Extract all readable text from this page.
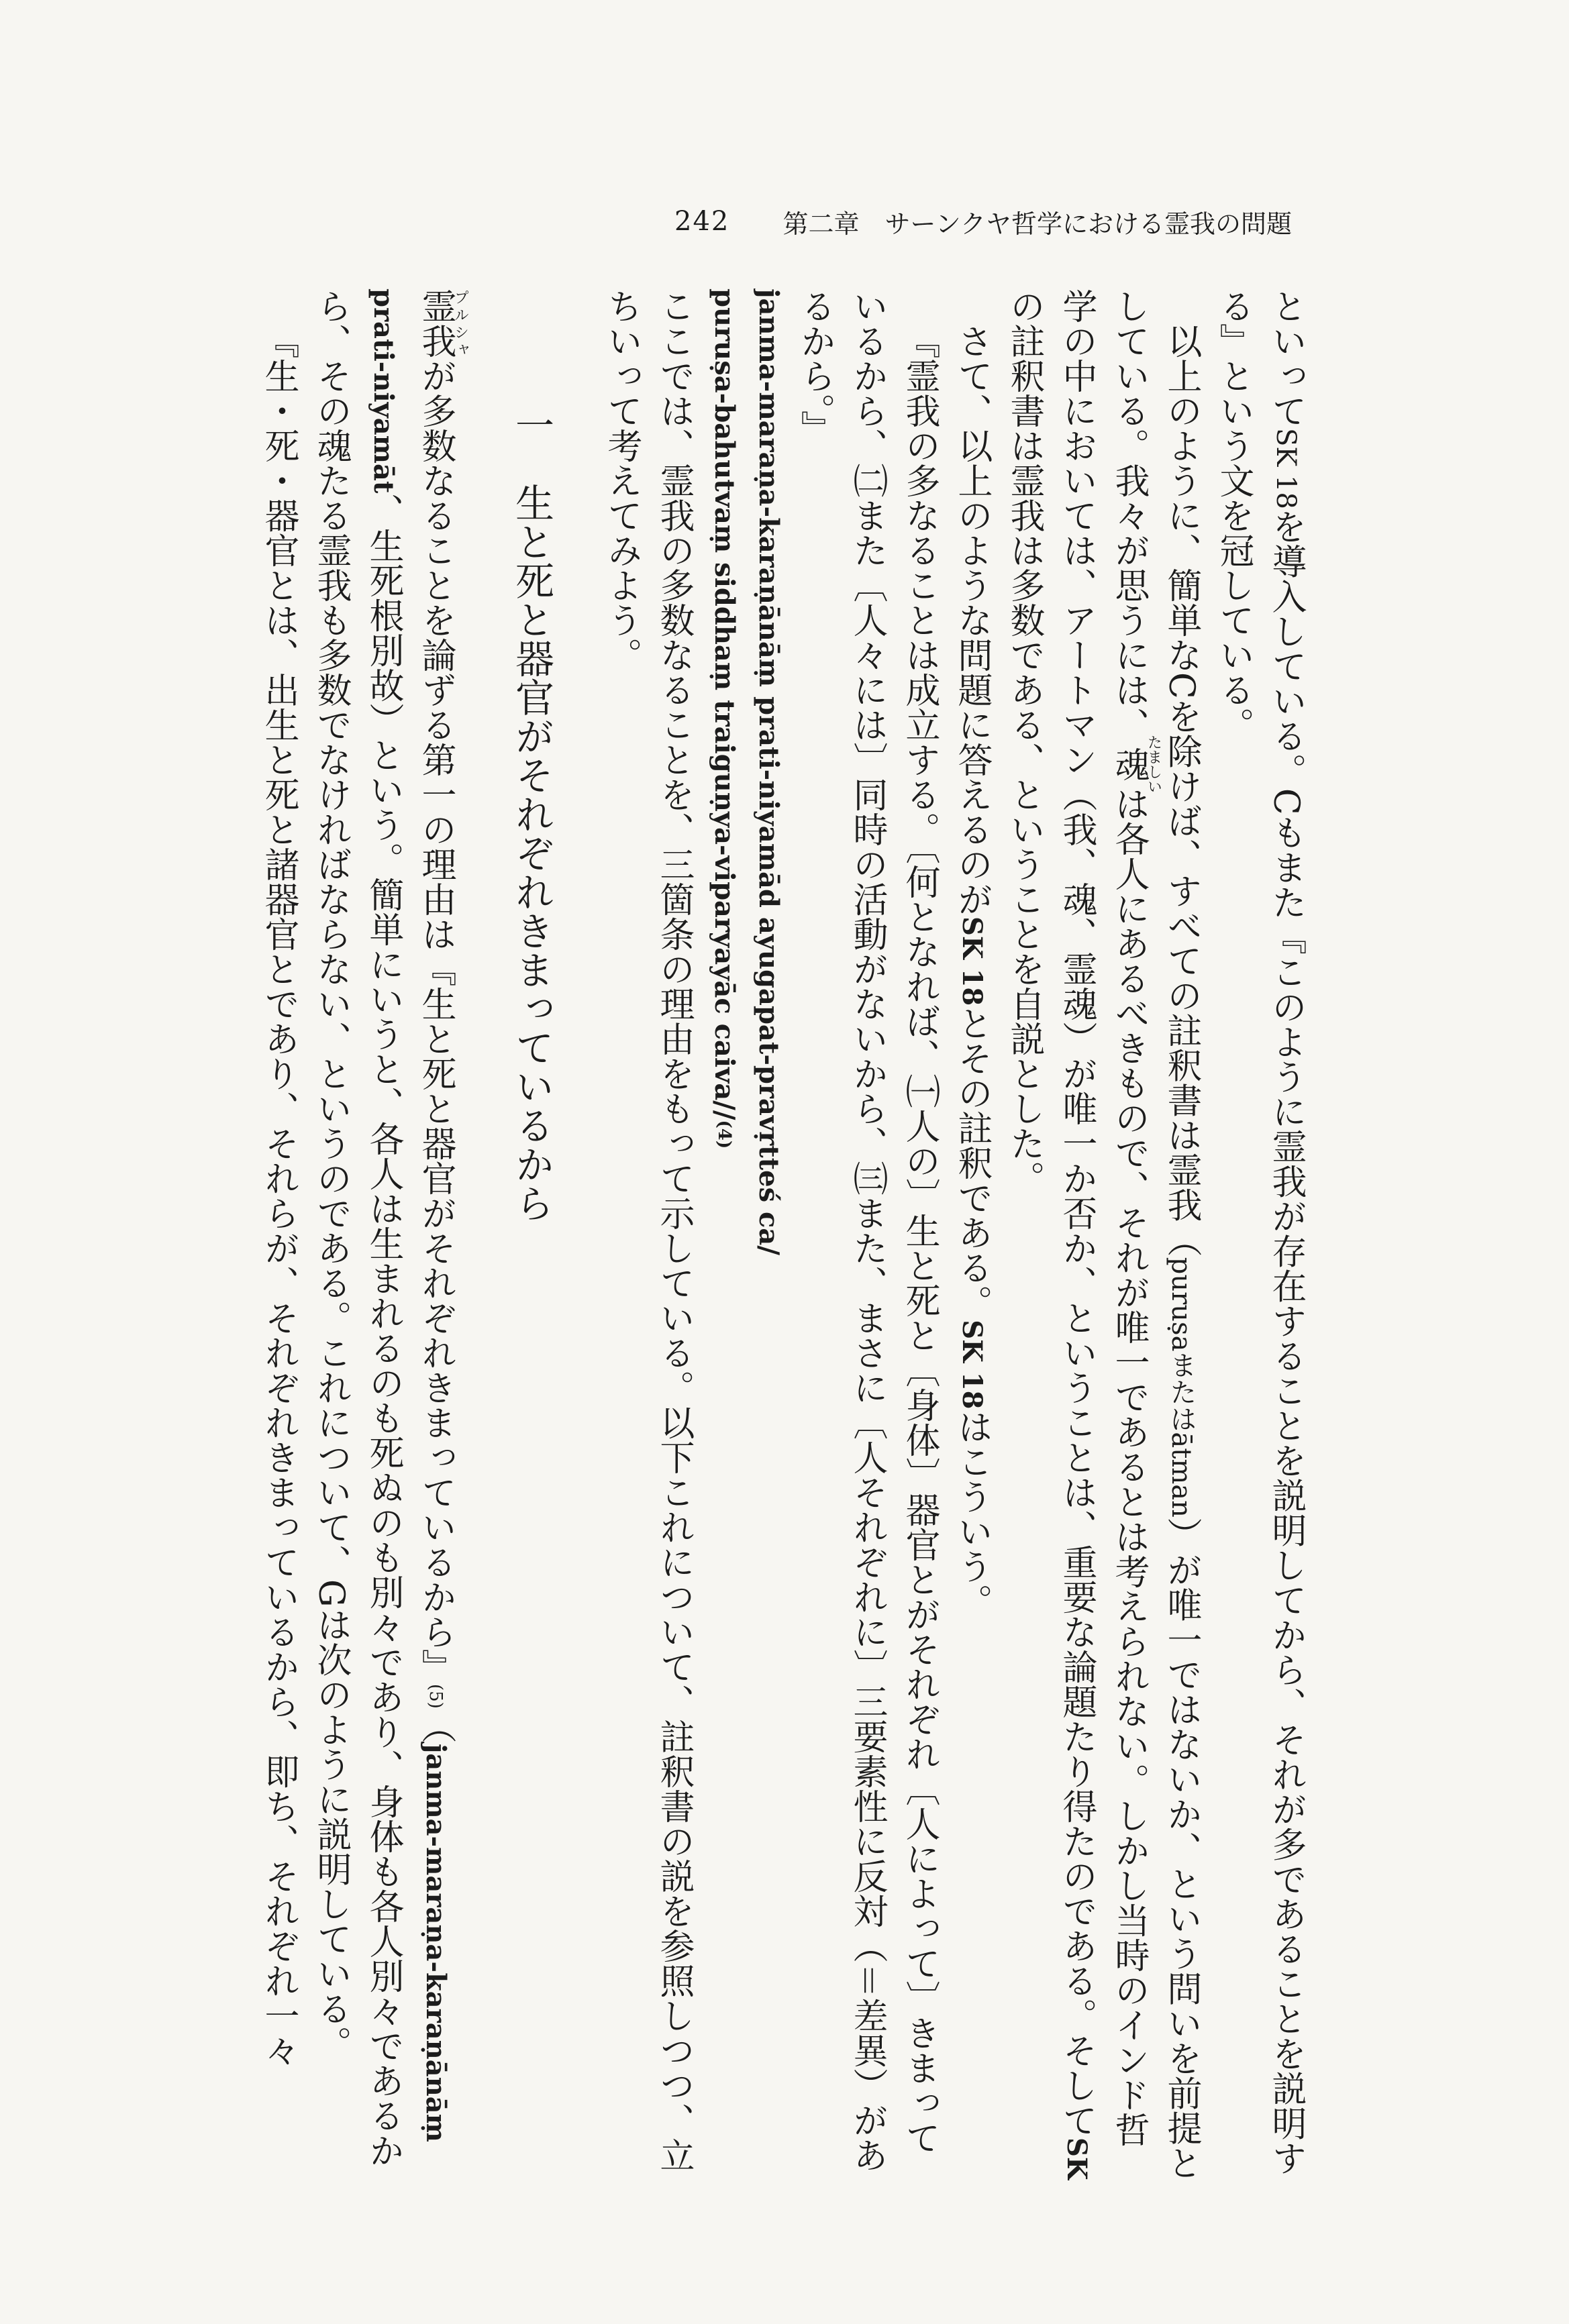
242 第二章　サーンクヤ哲学における霊我の問題

といってSK 18を導入している。Cもまた『このように霊我が存在することを説明してから、それが多であることを説明する』という文を冠している。

以上のように、簡単なCを除けば、すべての註釈書は霊我（puruṣaまたはātman）が唯一ではないか、という問いを前提としている。我々が思うには、魂たましいは各人にあるべきもので、それが唯一であるとは考えられない。しかし当時のインド哲学の中においては、アートマン（我、魂、霊魂）が唯一か否か、ということは、重要な論題たり得たのである。そしてSKの註釈書は霊我は多数である、ということを自説とした。

さて、以上のような問題に答えるのがSK 18とその註釈である。SK 18はこういう。

『霊我の多なることは成立する。〔何となれば、㈠人の〕生と死と〔身体〕器官とがそれぞれ〔人によって〕きまっているから、㈡また〔人々には〕同時の活動がないから、㈢また、まさに〔人それぞれに〕三要素性に反対（＝差異）があるから。』

janma-maraṇa-karaṇānāṃ prati-niyamād ayugapat-pravṛtteś ca/

puruṣa-bahutvaṃ siddhaṃ traiguṇya-viparyayāc caiva//(4)

ここでは、霊我の多数なることを、三箇条の理由をもって示している。以下これについて、註釈書の説を参照しつつ、立ちいって考えてみよう。

一　生と死と器官がそれぞれきまっているから

霊我プルシャが多数なることを論ずる第一の理由は『生と死と器官がそれぞれきまっているから』(5)（janma-maraṇa-karaṇānāṃ prati-niyamāt、生死根別故）という。簡単にいうと、各人は生まれるのも死ぬのも別々であり、身体も各人別々であるから、その魂たる霊我も多数でなければならない、というのである。これについて、Gは次のように説明している。

『生・死・器官とは、出生と死と諸器官とであり、それらが、それぞれきまっているから、即ち、それぞれ一々
